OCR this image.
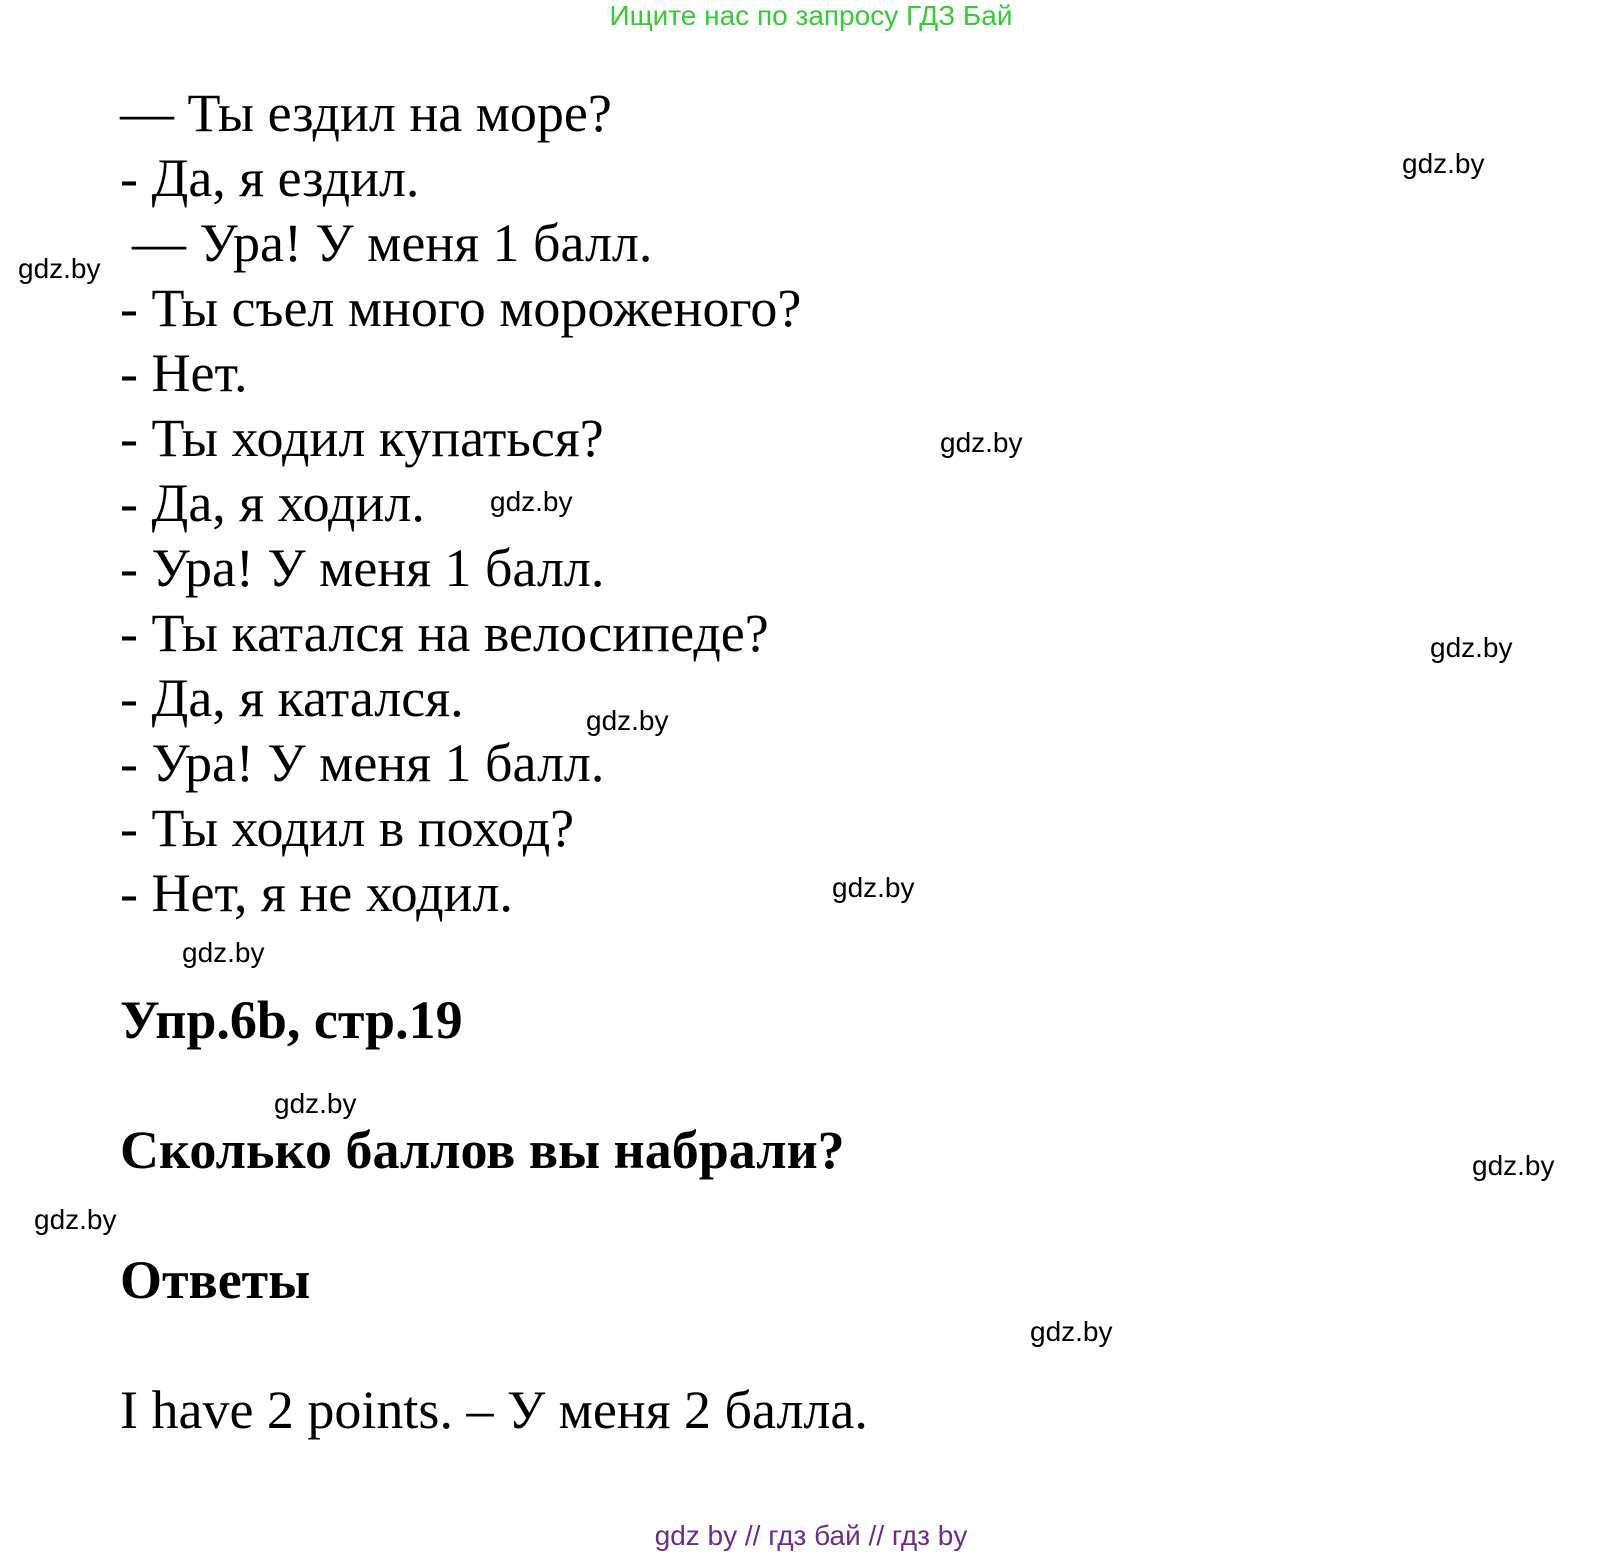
Ищите нас по запросу ГДЗ Бай
— Ты ездил на море?
- Да, я ездил.
— Ура! У меня 1 балл.
- Ты съел много мороженого?
- Нет.
- Ты ходил купаться?
- Да, я ходил.
- Ура! У меня 1 балл.
- Ты катался на велосипеде?
- Да, я катался.
- Ура! У меня 1 балл.
- Ты ходил в поход?
- Нет, я не ходил.
Упр.6b, стр.19
Сколько баллов вы набрали?
Ответы
I have 2 points. – У меня 2 балла.
gdz.by
gdz.by
gdz.by
gdz.by
gdz.by
gdz.by
gdz.by
gdz.by
gdz.by
gdz.by
gdz.by
gdz.by
gdz by // гдз бай // гдз by
